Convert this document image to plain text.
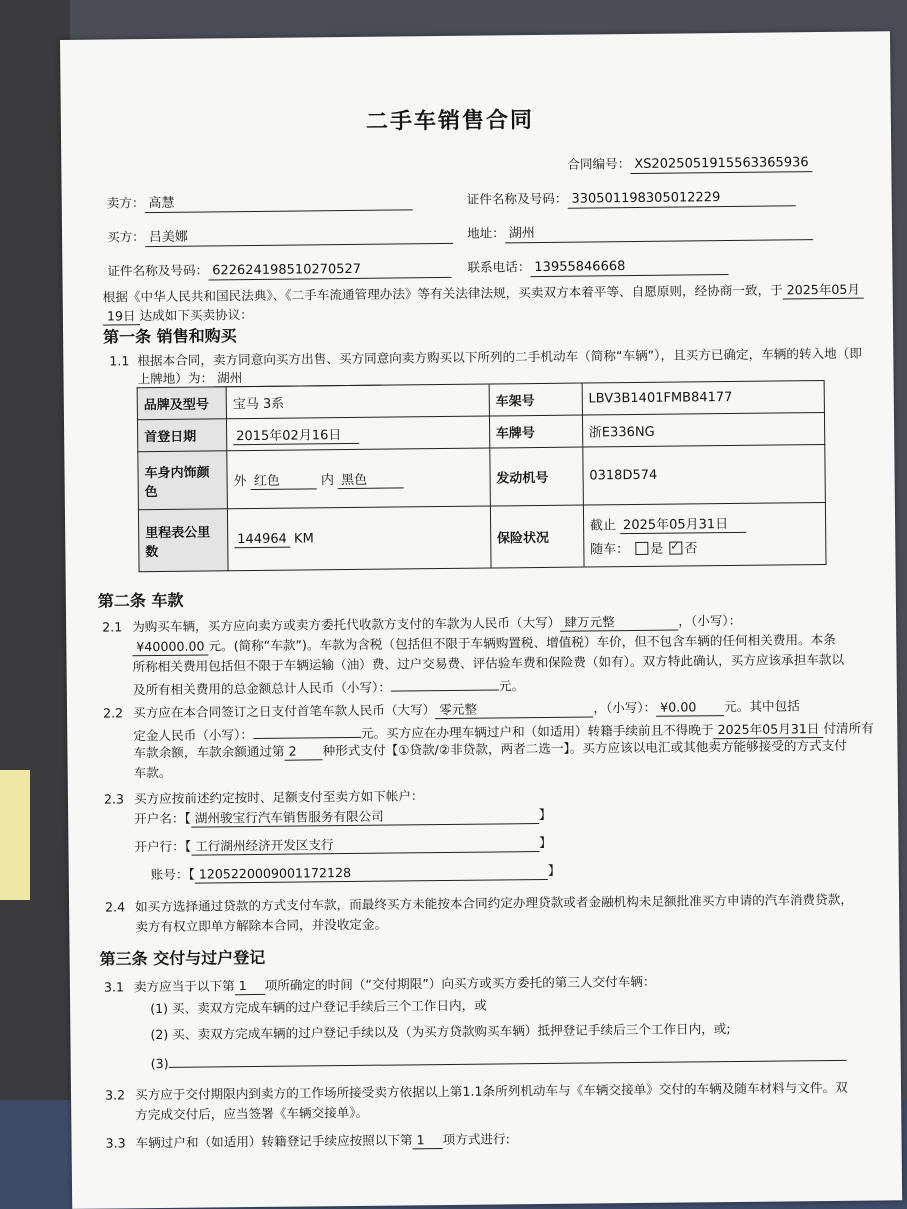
二手车销售合同
合同编号： XS2025051915563365936
卖方： 高慧	证件名称及号码： 330501198305012229
买方： 吕美娜	地址： 湖州
证件名称及号码： 622624198510270527	联系电话： 13955846668
根据《中华人民共和国民法典》、《二手车流通管理办法》等有关法律法规，买卖双方本着平等、自愿原则，经协商一致，于 2025年05月
19日 达成如下买卖协议：
第一条 销售和购买
1.1 根据本合同，卖方同意向买方出售、买方同意向卖方购买以下所列的二手机动车（简称“车辆”），且买方已确定，车辆的转入地（即
上牌地）为： 湖州
品牌及型号	宝马 3系	车架号	LBV3B1401FMB84177
首登日期	2015年02月16日	车牌号	浙E336NG
车身内饰颜色	外 红色 内 黑色	发动机号	0318D574
里程表公里数	144964 KM	保险状况	截止 2025年05月31日
随车： 是 ✓ 否
第二条 车款
2.1 为购买车辆，买方应向卖方或卖方委托代收款方支付的车款为人民币（大写） 肆万元整	，（小写）：
¥40000.00 元。(简称“车款”)。车款为含税（包括但不限于车辆购置税、增值税）车价，但不包含车辆的任何相关费用。本条
所称相关费用包括但不限于车辆运输（油）费、过户交易费、评估验车费和保险费（如有）。双方特此确认，买方应该承担车款以
及所有相关费用的总金额总计人民币（小写）：	元。
2.2 买方应在本合同签订之日支付首笔车款人民币（大写） 零元整	，（小写）： ¥0.00 元。其中包括
定金人民币（小写）：	元。买方应在办理车辆过户和（如适用）转籍手续前且不得晚于 2025年05月31日 付清所有
车款余额，车款余额通过第 2 种形式支付【①贷款/②非贷款，两者二选一】。买方应该以电汇或其他卖方能够接受的方式支付
车款。
2.3 买方应按前述约定按时、足额支付至卖方如下帐户：
开户名：【 湖州骏宝行汽车销售服务有限公司	】
开户行：【 工行湖州经济开发区支行	】
账号：【 1205220009001172128	】
2.4 如买方选择通过贷款的方式支付车款，而最终买方未能按本合同约定办理贷款或者金融机构未足额批准买方申请的汽车消费贷款，
卖方有权立即单方解除本合同，并没收定金。
第三条 交付与过户登记
3.1 卖方应当于以下第 1 项所确定的时间（“交付期限”）向买方或买方委托的第三人交付车辆：
(1) 买、卖双方完成车辆的过户登记手续后三个工作日内，或
(2) 买、卖双方完成车辆的过户登记手续以及（为买方贷款购买车辆）抵押登记手续后三个工作日内，或;
(3)
3.2 买方应于交付期限内到卖方的工作场所接受卖方依据以上第1.1条所列机动车与《车辆交接单》交付的车辆及随车材料与文件。双
方完成交付后，应当签署《车辆交接单》。
3.3 车辆过户和（如适用）转籍登记手续应按照以下第 1 项方式进行:
